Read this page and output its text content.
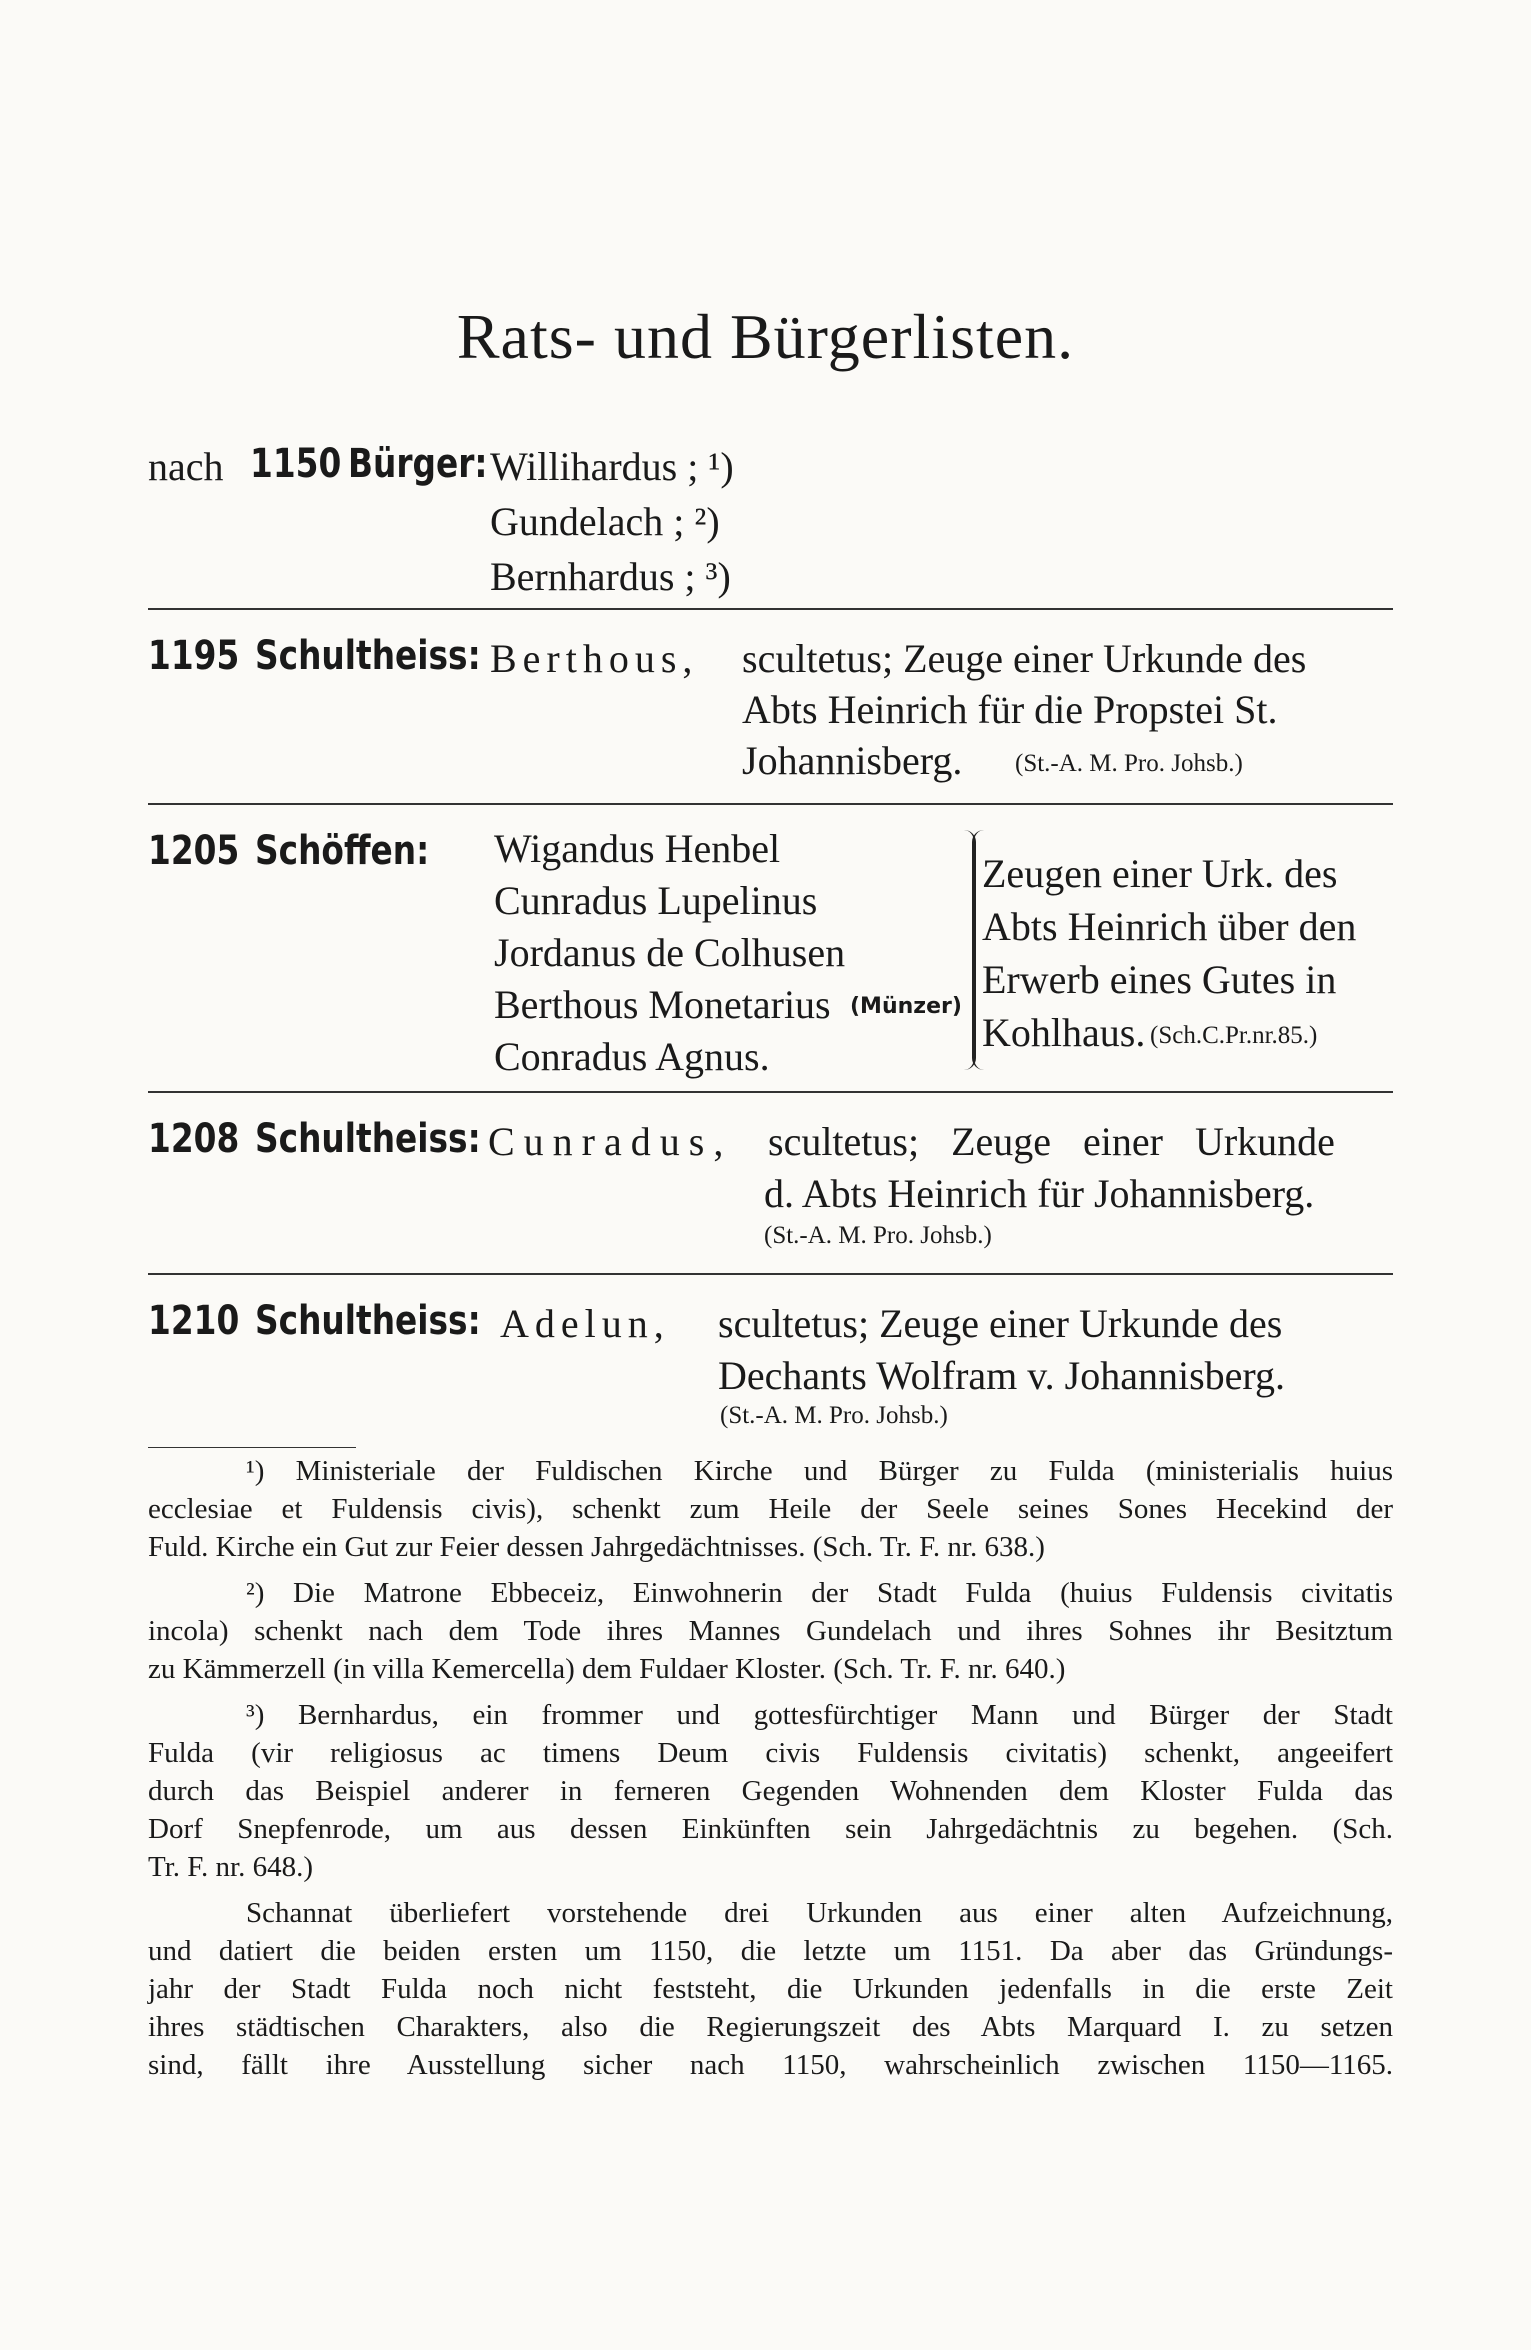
Rats- und Bürgerlisten.
nach 1150 Bürger: Willihardus ; ¹)
Gundelach ; ²)
Bernhardus ; ³)
1195 Schultheiss: Berthous, scultetus; Zeuge einer Urkunde des
Abts Heinrich für die Propstei St.
Johannisberg. (St.-A. M. Pro. Johsb.)
1205 Schöffen: Wigandus Henbel
Cunradus Lupelinus
Jordanus de Colhusen
Berthous Monetarius (Münzer)
Conradus Agnus.
Zeugen einer Urk. des
Abts Heinrich über den
Erwerb eines Gutes in
Kohlhaus. (Sch.C.Pr.nr.85.)
1208 Schultheiss: Cunradus, scultetus; Zeuge einer Urkunde
d. Abts Heinrich für Johannisberg.
(St.-A. M. Pro. Johsb.)
1210 Schultheiss: Adelun, scultetus; Zeuge einer Urkunde des
Dechants Wolfram v. Johannisberg.
(St.-A. M. Pro. Johsb.)
¹) Ministeriale der Fuldischen Kirche und Bürger zu Fulda (ministerialis huius
ecclesiae et Fuldensis civis), schenkt zum Heile der Seele seines Sones Hecekind der
Fuld. Kirche ein Gut zur Feier dessen Jahrgedächtnisses. (Sch. Tr. F. nr. 638.)
²) Die Matrone Ebbeceiz, Einwohnerin der Stadt Fulda (huius Fuldensis civitatis
incola) schenkt nach dem Tode ihres Mannes Gundelach und ihres Sohnes ihr Besitztum
zu Kämmerzell (in villa Kemercella) dem Fuldaer Kloster. (Sch. Tr. F. nr. 640.)
³) Bernhardus, ein frommer und gottesfürchtiger Mann und Bürger der Stadt
Fulda (vir religiosus ac timens Deum civis Fuldensis civitatis) schenkt, angeeifert
durch das Beispiel anderer in ferneren Gegenden Wohnenden dem Kloster Fulda das
Dorf Snepfenrode, um aus dessen Einkünften sein Jahrgedächtnis zu begehen. (Sch.
Tr. F. nr. 648.)
Schannat überliefert vorstehende drei Urkunden aus einer alten Aufzeichnung,
und datiert die beiden ersten um 1150, die letzte um 1151. Da aber das Gründungs-
jahr der Stadt Fulda noch nicht feststeht, die Urkunden jedenfalls in die erste Zeit
ihres städtischen Charakters, also die Regierungszeit des Abts Marquard I. zu setzen
sind, fällt ihre Ausstellung sicher nach 1150, wahrscheinlich zwischen 1150—1165.
